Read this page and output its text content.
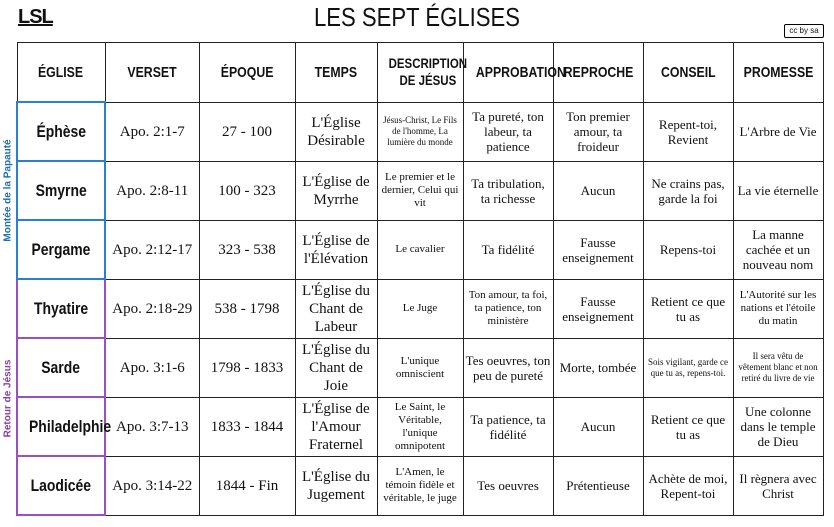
LSL	LES SEPT ÉGLISES	cc by sa
Montée de la Papauté
Retour de Jésus
ÉGLISE	VERSET	ÉPOQUE	TEMPS	DESCRIPTION DE JÉSUS	APPROBATION	REPROCHE	CONSEIL	PROMESSE
Éphèse	Apo. 2:1-7	27 - 100	L'Église Désirable	Jésus-Christ, Le Fils de l'homme, La lumière du monde	Ta pureté, ton labeur, ta patience	Ton premier amour, ta froideur	Repent-toi, Revient	L'Arbre de Vie
Smyrne	Apo. 2:8-11	100 - 323	L'Église de Myrrhe	Le premier et le dernier, Celui qui vit	Ta tribulation, ta richesse	Aucun	Ne crains pas, garde la foi	La vie éternelle
Pergame	Apo. 2:12-17	323 - 538	L'Église de l'Élévation	Le cavalier	Ta fidélité	Fausse enseignement	Repens-toi	La manne cachée et un nouveau nom
Thyatire	Apo. 2:18-29	538 - 1798	L'Église du Chant de Labeur	Le Juge	Ton amour, ta foi, ta patience, ton ministère	Fausse enseignement	Retient ce que tu as	L'Autorité sur les nations et l'étoile du matin
Sarde	Apo. 3:1-6	1798 - 1833	L'Église du Chant de Joie	L'unique omniscient	Tes oeuvres, ton peu de pureté	Morte, tombée	Sois vigilant, garde ce que tu as, repens-toi.	Il sera vêtu de vêtement blanc et non retiré du livre de vie
Philadelphie	Apo. 3:7-13	1833 - 1844	L'Église de l'Amour Fraternel	Le Saint, le Véritable, l'unique omnipotent	Ta patience, ta fidélité	Aucun	Retient ce que tu as	Une colonne dans le temple de Dieu
Laodicée	Apo. 3:14-22	1844 - Fin	L'Église du Jugement	L'Amen, le témoin fidèle et véritable, le juge	Tes oeuvres	Prétentieuse	Achète de moi, Repent-toi	Il règnera avec Christ
